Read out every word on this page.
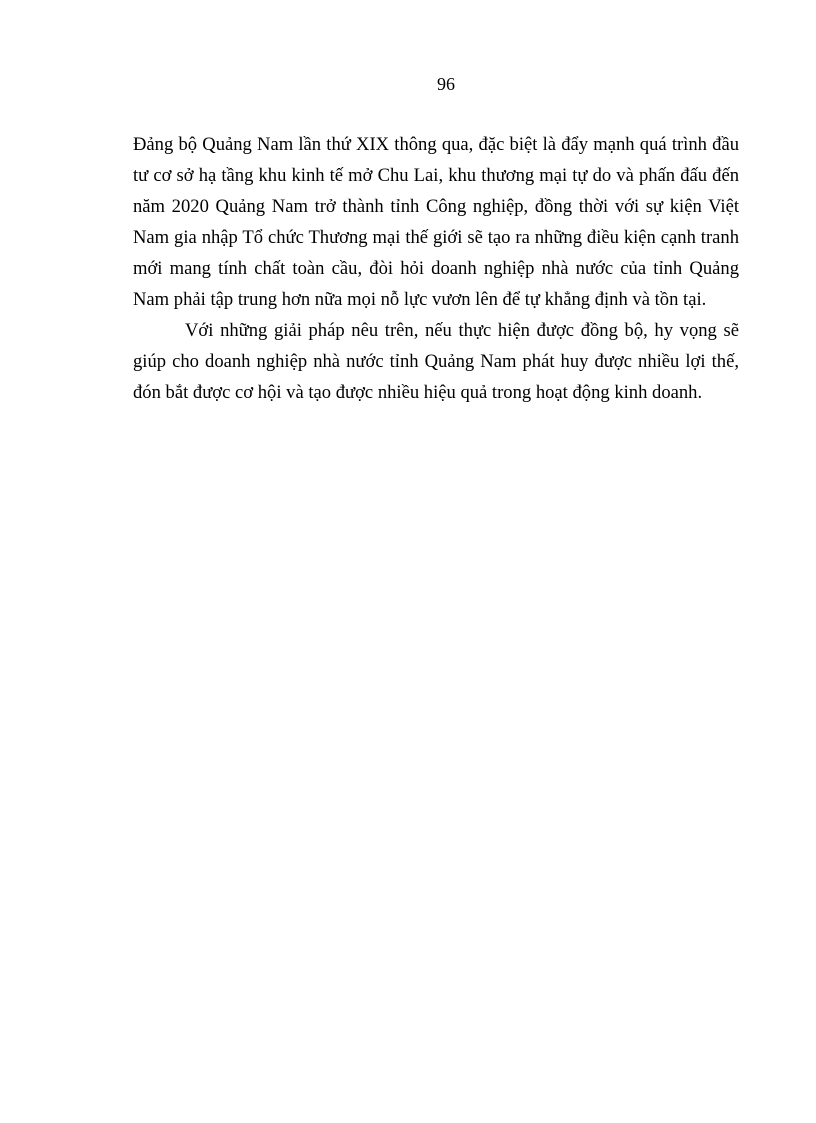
96

Đảng bộ Quảng Nam lần thứ XIX thông qua, đặc biệt là đẩy mạnh quá trình đầu tư cơ sở hạ tầng khu kinh tế mở Chu Lai, khu thương mại tự do và phấn đấu đến năm 2020 Quảng Nam trở thành tỉnh Công nghiệp, đồng thời với sự kiện Việt Nam gia nhập Tổ chức Thương mại thế giới sẽ tạo ra những điều kiện cạnh tranh mới mang tính chất toàn cầu, đòi hỏi doanh nghiệp nhà nước của tỉnh Quảng Nam phải tập trung hơn nữa mọi nỗ lực vươn lên để tự khẳng định và tồn tại.

Với những giải pháp nêu trên, nếu thực hiện được đồng bộ, hy vọng sẽ giúp cho doanh nghiệp nhà nước tỉnh Quảng Nam phát huy được nhiều lợi thế, đón bắt được cơ hội và tạo được nhiều hiệu quả trong hoạt động kinh doanh.
